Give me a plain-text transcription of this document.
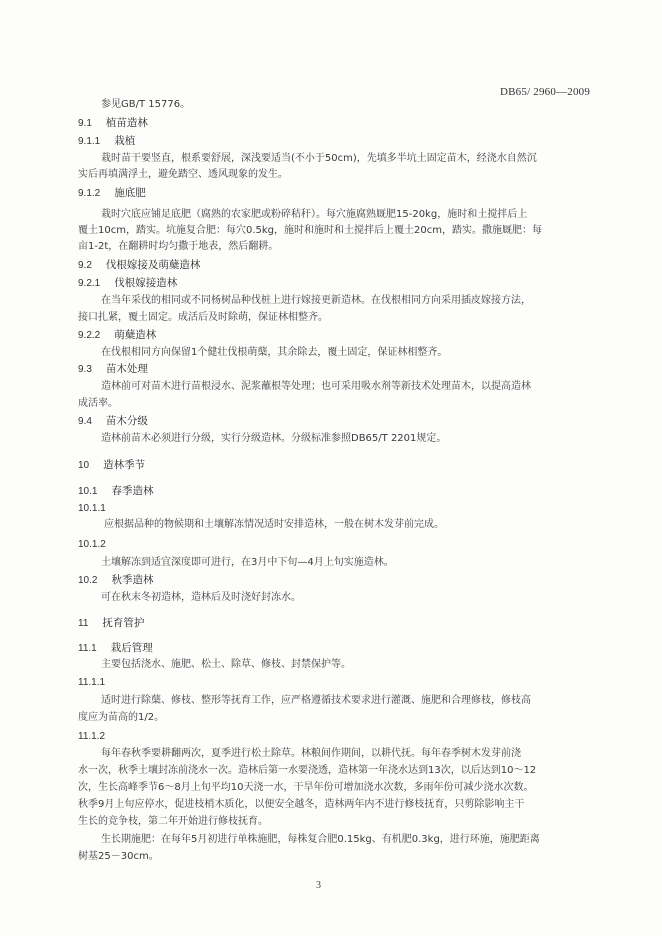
DB65/ 2960—2009
参见GB/T 15776。
9.1 植苗造林
9.1.1 栽植
栽时苗干要竖直，根系要舒展，深浅要适当(不小于50cm)，先填多半坑土固定苗木，经浇水自然沉
实后再填满浮土，避免踏空、透风现象的发生。
9.1.2 施底肥
栽时穴底应铺足底肥（腐熟的农家肥或粉碎秸秆）。每穴施腐熟厩肥15-20kg，施时和土搅拌后上
覆土10cm，踏实。坑施复合肥：每穴0.5kg，施时和施时和土搅拌后上覆土20cm，踏实。撒施厩肥：每
亩1-2t，在翻耕时均匀撒于地表，然后翻耕。
9.2 伐根嫁接及萌蘖造林
9.2.1 伐根嫁接造林
在当年采伐的相同或不同杨树品种伐桩上进行嫁接更新造林。在伐根相同方向采用插皮嫁接方法，
接口扎紧，覆土固定。成活后及时除萌，保证林相整齐。
9.2.2 萌蘖造林
在伐根相同方向保留1个健壮伐根萌蘖，其余除去，覆土固定，保证林相整齐。
9.3 苗木处理
造林前可对苗木进行苗根浸水、泥浆蘸根等处理；也可采用吸水剂等新技术处理苗木，以提高造林
成活率。
9.4 苗木分级
造林前苗木必须进行分级，实行分级造林。分级标准参照DB65/T 2201规定。
10 造林季节
10.1 春季造林
10.1.1
应根据品种的物候期和土壤解冻情况适时安排造林，一般在树木发芽前完成。
10.1.2
土壤解冻到适宜深度即可进行，在3月中下旬—4月上旬实施造林。
10.2 秋季造林
可在秋末冬初造林，造林后及时浇好封冻水。
11 抚育管护
11.1 栽后管理
主要包括浇水、施肥、松土、除草、修枝、封禁保护等。
11.1.1
适时进行除蘖、修枝、整形等抚育工作，应严格遵循技术要求进行灌溉、施肥和合理修枝，修枝高
度应为苗高的1/2。
11.1.2
每年春秋季要耕翻两次，夏季进行松土除草。林粮间作期间，以耕代抚。每年春季树木发芽前浇
水一次，秋季土壤封冻前浇水一次。造林后第一水要浇透，造林第一年浇水达到13次，以后达到10～12
次，生长高峰季节6～8月上旬平均10天浇一水，干旱年份可增加浇水次数，多雨年份可减少浇水次数。
秋季9月上旬应停水，促进枝梢木质化，以便安全越冬，造林两年内不进行修枝抚育，只剪除影响主干
生长的竞争枝，第二年开始进行修枝抚育。
生长期施肥：在每年5月初进行单株施肥，每株复合肥0.15kg、有机肥0.3kg，进行环施，施肥距离
树基25－30cm。
3
